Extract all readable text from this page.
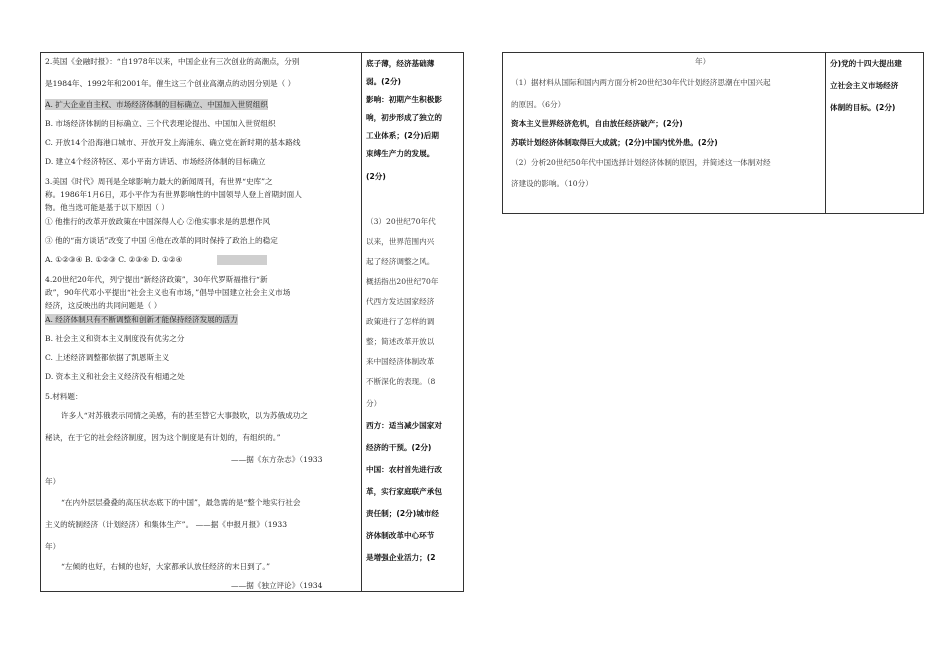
2.英国《金融时报》：“自1978年以来，中国企业有三次创业的高潮点，分别
是1984年、1992年和2001年。催生这三个创业高潮点的动因分别是（ ）
A. 扩大企业自主权、市场经济体制的目标确立、中国加入世贸组织
B. 市场经济体制的目标确立、三个代表理论提出、中国加入世贸组织
C. 开放14个沿海港口城市、开放开发上海浦东、确立党在新时期的基本路线
D. 建立4个经济特区、邓小平南方讲话、市场经济体制的目标确立
3.美国《时代》周刊是全球影响力最大的新闻周刊，有世界“史库”之
称。1986年1月6日，邓小平作为有世界影响性的中国领导人登上首期封面人
物。他当选可能是基于以下原因（ ）
① 他推行的改革开放政策在中国深得人心 ②他实事求是的思想作风
③ 他的“南方谈话”改变了中国 ④他在改革的同时保持了政治上的稳定
A. ①②③④ B. ①②③ C. ②③④ D. ①②④
4.20世纪20年代，列宁提出“新经济政策”，30年代罗斯福推行“新
政”，90年代邓小平提出“社会主义也有市场，”倡导中国建立社会主义市场
经济，这反映出的共同问题是（ ）
A. 经济体制只有不断调整和创新才能保持经济发展的活力
B. 社会主义和资本主义制度没有优劣之分
C. 上述经济调整都依据了凯恩斯主义
D. 资本主义和社会主义经济没有相通之处
5.材料题：
许多人“对苏俄表示同情之美感，有的甚至替它大事鼓吹，以为苏俄成功之
秘诀，在于它的社会经济制度，因为这个制度是有计划的，有组织的。”
——据《东方杂志》（1933
年）
“在内外层层叠叠的高压状态底下的中国”，最急需的是“整个地实行社会
主义的统制经济（计划经济）和集体生产”。 ——据《申报月报》（1933
年）
“左倾的也好，右倾的也好，大家都承认放任经济的末日到了。”
——据《独立评论》（1934
底子薄，经济基础薄
弱。(2分)
影响：初期产生积极影
响，初步形成了独立的
工业体系；(2分)后期
束缚生产力的发展。
(2分)
（3）20世纪70年代
以来，世界范围内兴
起了经济调整之风。
概括指出20世纪70年
代西方发达国家经济
政策进行了怎样的调
整；简述改革开放以
来中国经济体制改革
不断深化的表现。（8
分）
西方：适当减少国家对
经济的干预。(2分)
中国：农村首先进行改
革，实行家庭联产承包
责任制；(2分)城市经
济体制改革中心环节
是增强企业活力；(2
年）
（1）据材料从国际和国内两方面分析20世纪30年代计划经济思潮在中国兴起
的原因。（6分）
资本主义世界经济危机，自由放任经济破产；(2分)
苏联计划经济体制取得巨大成就；(2分)中国内忧外患。(2分)
（2）分析20世纪50年代中国选择计划经济体制的原因，并简述这一体制对经
济建设的影响。（10分）
分)党的十四大提出建
立社会主义市场经济
体制的目标。(2分)
